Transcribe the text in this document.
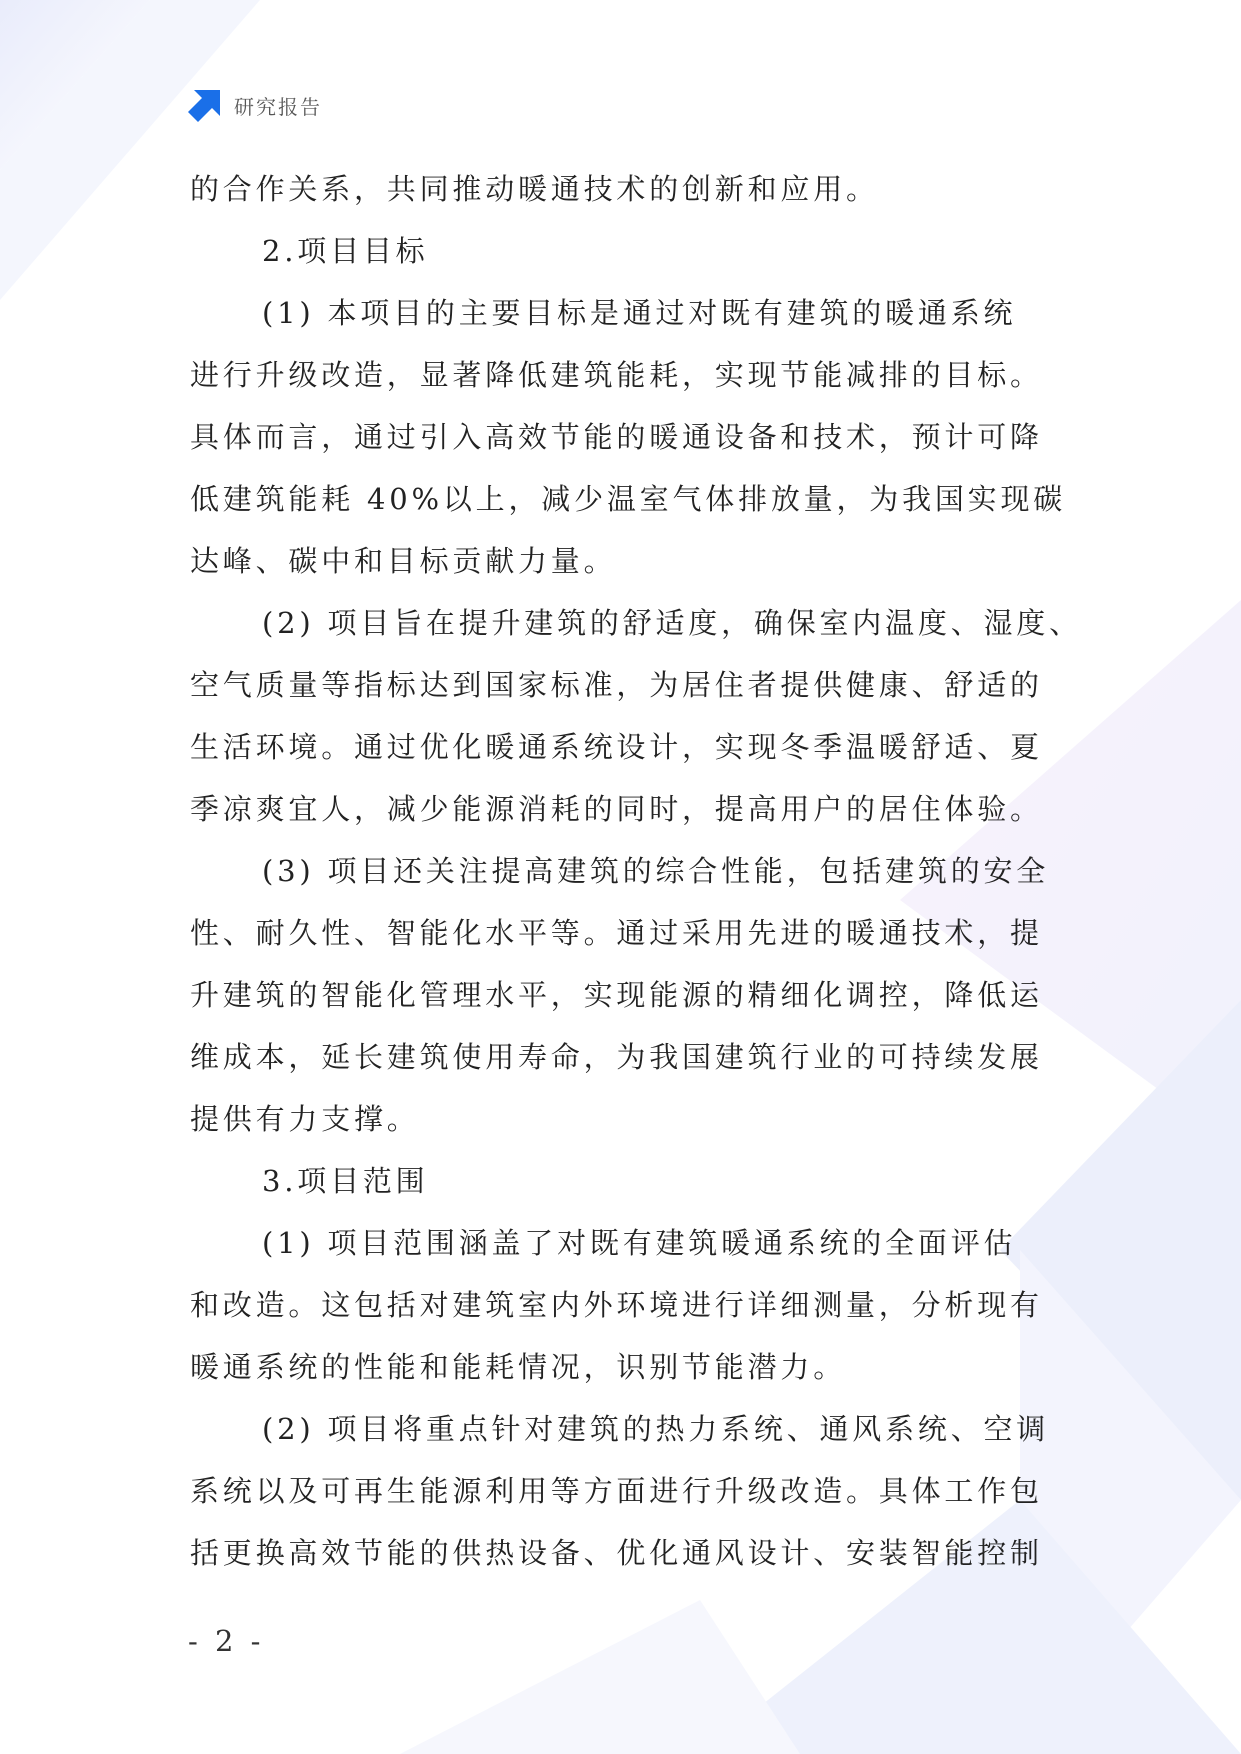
研究报告
的合作关系，共同推动暖通技术的创新和应用。
2.项目目标
(1) 本项目的主要目标是通过对既有建筑的暖通系统
进行升级改造，显著降低建筑能耗，实现节能减排的目标。
具体而言，通过引入高效节能的暖通设备和技术，预计可降
低建筑能耗 40%以上，减少温室气体排放量，为我国实现碳
达峰、碳中和目标贡献力量。
(2) 项目旨在提升建筑的舒适度，确保室内温度、湿度、
空气质量等指标达到国家标准，为居住者提供健康、舒适的
生活环境。通过优化暖通系统设计，实现冬季温暖舒适、夏
季凉爽宜人，减少能源消耗的同时，提高用户的居住体验。
(3) 项目还关注提高建筑的综合性能，包括建筑的安全
性、耐久性、智能化水平等。通过采用先进的暖通技术，提
升建筑的智能化管理水平，实现能源的精细化调控，降低运
维成本，延长建筑使用寿命，为我国建筑行业的可持续发展
提供有力支撑。
3.项目范围
(1) 项目范围涵盖了对既有建筑暖通系统的全面评估
和改造。这包括对建筑室内外环境进行详细测量，分析现有
暖通系统的性能和能耗情况，识别节能潜力。
(2) 项目将重点针对建筑的热力系统、通风系统、空调
系统以及可再生能源利用等方面进行升级改造。具体工作包
括更换高效节能的供热设备、优化通风设计、安装智能控制
- 2 -
